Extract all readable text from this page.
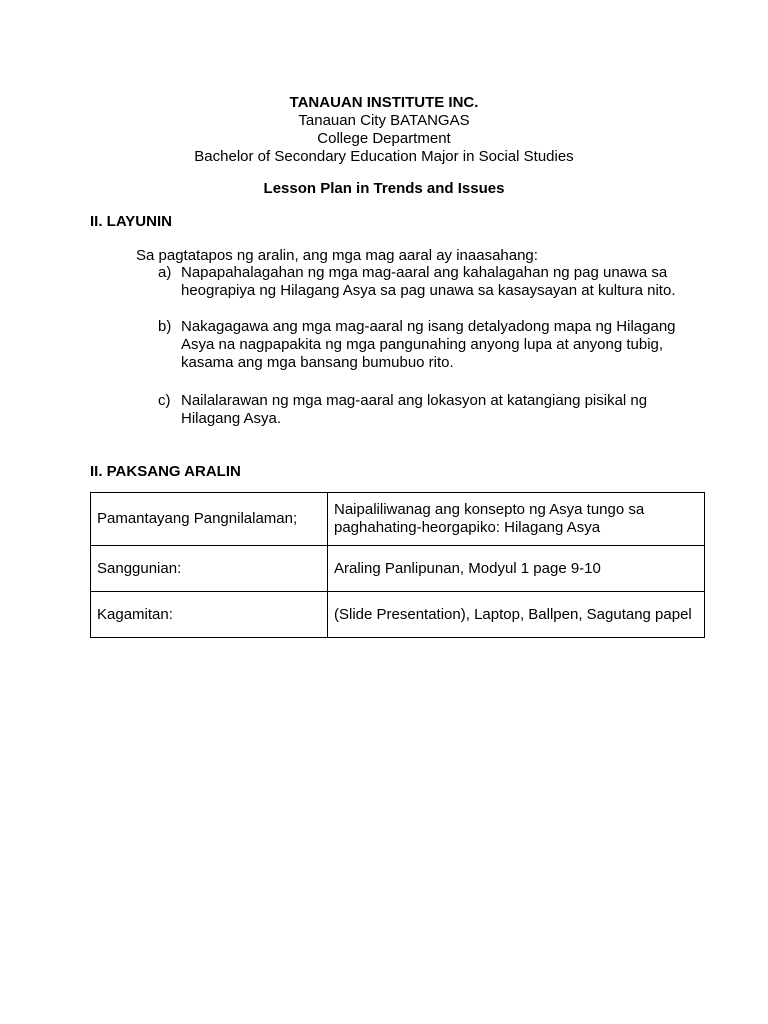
TANAUAN INSTITUTE INC.
Tanauan City BATANGAS
College Department
Bachelor of Secondary Education Major in Social Studies
Lesson Plan in Trends and Issues
II. LAYUNIN
Sa pagtatapos ng aralin, ang mga mag aaral ay inaasahang:
a) Napapahalagahan ng mga mag-aaral ang kahalagahan ng pag unawa sa heograpiya ng Hilagang Asya sa pag unawa sa kasaysayan at kultura nito.
b) Nakagagawa ang mga mag-aaral ng isang detalyadong mapa ng Hilagang Asya na nagpapakita ng mga pangunahing anyong lupa at anyong tubig, kasama ang mga bansang bumubuo rito.
c) Nailalarawan ng mga mag-aaral ang lokasyon at katangiang pisikal ng Hilagang Asya.
II. PAKSANG ARALIN
Pamantayang Pangnilalaman;	Naipaliliwanag ang konsepto ng Asya tungo sa paghahating-heorgapiko: Hilagang Asya
Sanggunian:	Araling Panlipunan, Modyul 1 page 9-10
Kagamitan:	(Slide Presentation), Laptop, Ballpen, Sagutang papel
